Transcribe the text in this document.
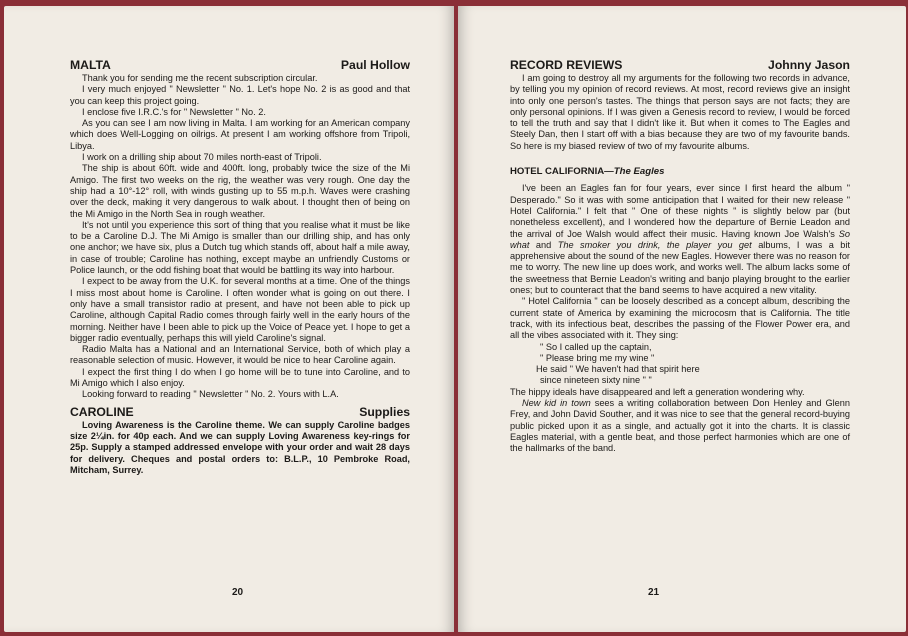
MALTA	Paul Hollow

Thank you for sending me the recent subscription circular.

I very much enjoyed " Newsletter " No. 1. Let's hope No. 2 is as good and that you can keep this project going.

I enclose five I.R.C.'s for " Newsletter " No. 2.

As you can see I am now living in Malta. I am working for an American company which does Well-Logging on oilrigs. At present I am working offshore from Tripoli, Libya.

I work on a drilling ship about 70 miles north-east of Tripoli.

The ship is about 60ft. wide and 400ft. long, probably twice the size of the Mi Amigo. The first two weeks on the rig, the weather was very rough. One day the ship had a 10°-12° roll, with winds gusting up to 55 m.p.h. Waves were crashing over the deck, making it very dangerous to walk about. I thought then of being on the Mi Amigo in the North Sea in rough weather.

It's not until you experience this sort of thing that you realise what it must be like to be a Caroline D.J. The Mi Amigo is smaller than our drilling ship, and has only one anchor; we have six, plus a Dutch tug which stands off, about half a mile away, in case of trouble; Caroline has nothing, except maybe an unfriendly Customs or Police launch, or the odd fishing boat that would be battling its way into harbour.

I expect to be away from the U.K. for several months at a time. One of the things I miss most about home is Caroline. I often wonder what is going on out there. I only have a small transistor radio at present, and have not been able to pick up Caroline, although Capital Radio comes through fairly well in the early hours of the morning. Neither have I been able to pick up the Voice of Peace yet. I hope to get a bigger radio eventually, perhaps this will yield Caroline's signal.

Radio Malta has a National and an International Service, both of which play a reasonable selection of music. However, it would be nice to hear Caroline again.

I expect the first thing I do when I go home will be to tune into Caroline, and to Mi Amigo which I also enjoy.

Looking forward to reading " Newsletter " No. 2. Yours with L.A.

CAROLINE	Supplies

Loving Awareness is the Caroline theme. We can supply Caroline badges size 2¼in. for 40p each. And we can supply Loving Awareness key-rings for 25p. Supply a stamped addressed envelope with your order and wait 28 days for delivery. Cheques and postal orders to: B.L.P., 10 Pembroke Road, Mitcham, Surrey.

20
RECORD REVIEWS	Johnny Jason

I am going to destroy all my arguments for the following two records in advance, by telling you my opinion of record reviews. At most, record reviews give an insight into only one person's tastes. The things that person says are not facts; they are only personal opinions. If I was given a Genesis record to review, I would be forced to tell the truth and say that I didn't like it. But when it comes to The Eagles and Steely Dan, then I start off with a bias because they are two of my favourite bands. So here is my biased review of two of my favourite albums.

HOTEL CALIFORNIA—The Eagles

I've been an Eagles fan for four years, ever since I first heard the album " Desperado." So it was with some anticipation that I waited for their new release " Hotel California." I felt that " One of these nights " is slightly below par (but nonetheless excellent), and I wondered how the departure of Bernie Leadon and the arrival of Joe Walsh would affect their music. Having known Joe Walsh's So what and The smoker you drink, the player you get albums, I was a bit apprehensive about the sound of the new Eagles. However there was no reason for me to worry. The new line up does work, and works well. The album lacks some of the sweetness that Bernie Leadon's writing and banjo playing brought to the earlier ones; but to counteract that the band seems to have acquired a new vitality.

" Hotel California " can be loosely described as a concept album, describing the current state of America by examining the microcosm that is California. The title track, with its infectious beat, describes the passing of the Flower Power era, and all the vibes associated with it. They sing:

" So I called up the captain,
" Please bring me my wine "
He said " We haven't had that spirit here
since nineteen sixty nine " "

The hippy ideals have disappeared and left a generation wondering why.

New kid in town sees a writing collaboration between Don Henley and Glenn Frey, and John David Souther, and it was nice to see that the general record-buying public picked upon it as a single, and actually got it into the charts. It is classic Eagles material, with a gentle beat, and those perfect harmonies which are one of the hallmarks of the band.

21
